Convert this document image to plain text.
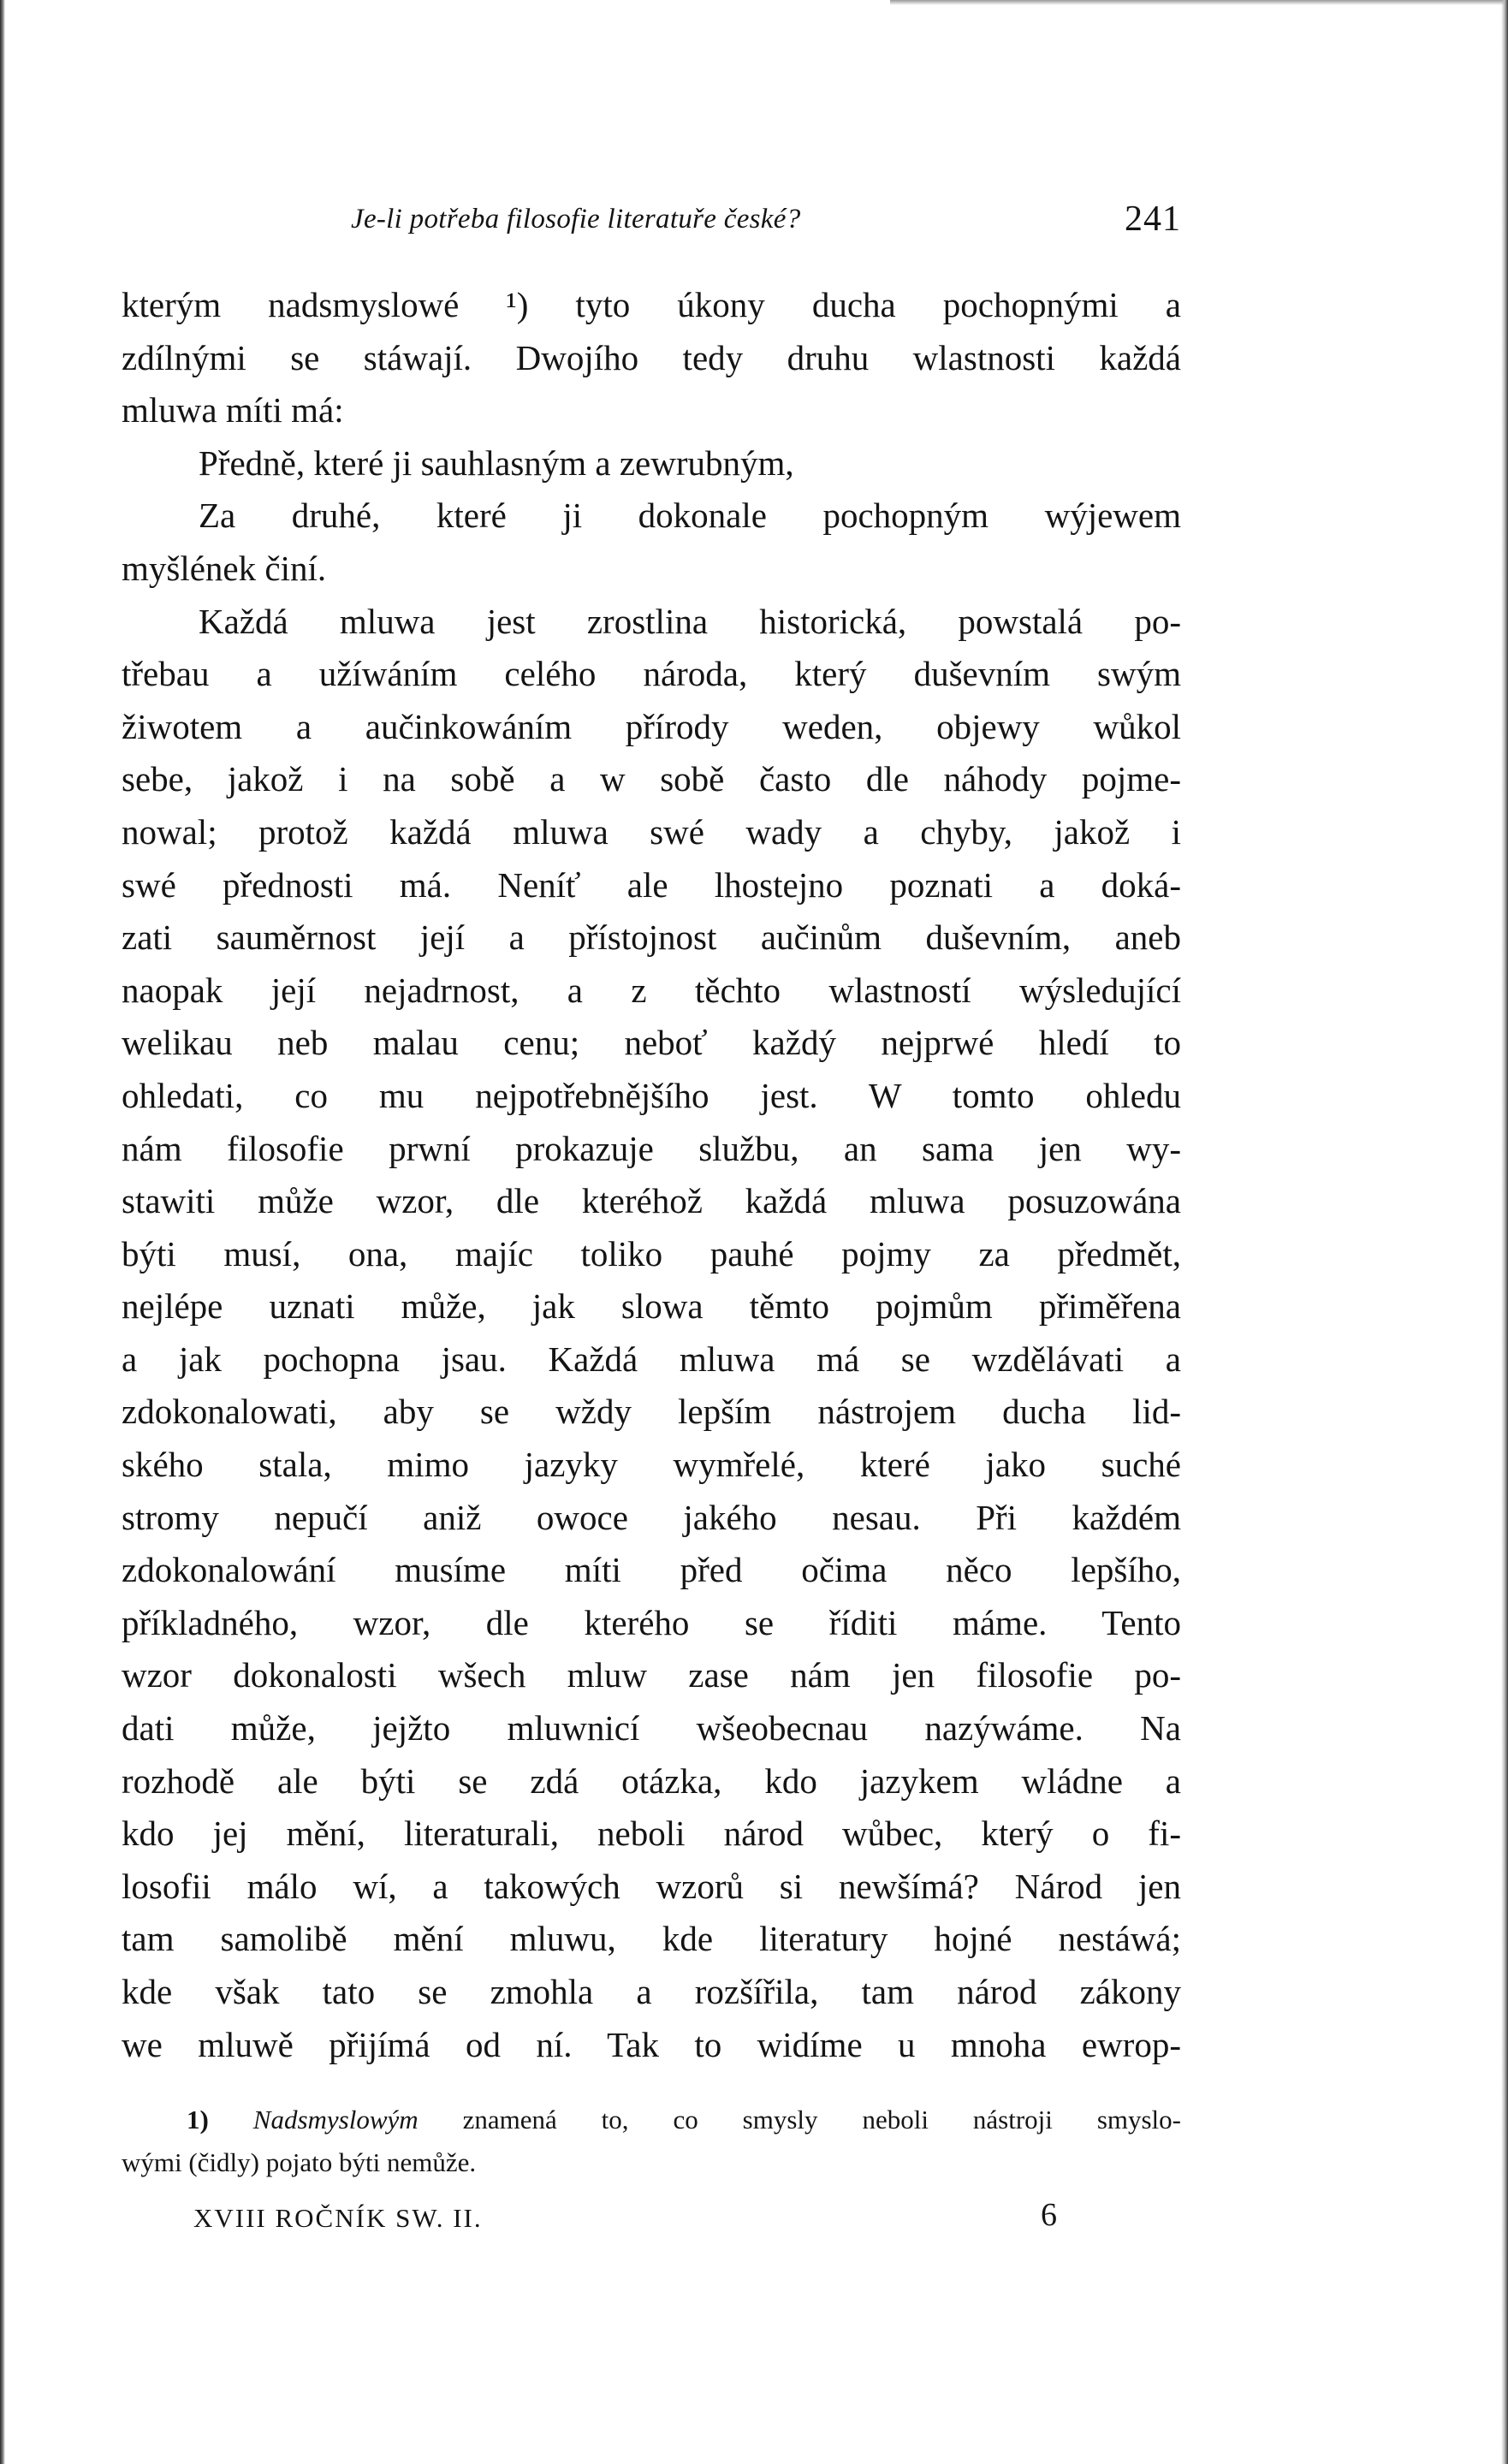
Je-li potřeba filosofie literatuře české?	241
kterým nadsmyslowé ¹) tyto úkony ducha pochopnými a
zdílnými se stáwají. Dwojího tedy druhu wlastnosti každá
mluwa míti má:
Předně, které ji sauhlasným a zewrubným,
Za druhé, které ji dokonale pochopným wýjewem
myšlének činí.
Každá mluwa jest zrostlina historická, powstalá po-
třebau a užíwáním celého národa, který duševním swým
žiwotem a aučinkowáním přírody weden, objewy wůkol
sebe, jakož i na sobě a w sobě často dle náhody pojme-
nowal; protož každá mluwa swé wady a chyby, jakož i
swé přednosti má. Neníť ale lhostejno poznati a doká-
zati sauměrnost její a přístojnost aučinům duševním, aneb
naopak její nejadrnost, a z těchto wlastností wýsledující
welikau neb malau cenu; neboť každý nejprwé hledí to
ohledati, co mu nejpotřebnějšího jest. W tomto ohledu
nám filosofie prwní prokazuje službu, an sama jen wy-
stawiti může wzor, dle kteréhož každá mluwa posuzowána
býti musí, ona, majíc toliko pauhé pojmy za předmět,
nejlépe uznati může, jak slowa těmto pojmům přiměřena
a jak pochopna jsau. Každá mluwa má se wzdělávati a
zdokonalowati, aby se wždy lepším nástrojem ducha lid-
ského stala, mimo jazyky wymřelé, které jako suché
stromy nepučí aniž owoce jakého nesau. Při každém
zdokonalowání musíme míti před očima něco lepšího,
příkladného, wzor, dle kterého se říditi máme. Tento
wzor dokonalosti wšech mluw zase nám jen filosofie po-
dati může, jejžto mluwnicí wšeobecnau nazýwáme. Na
rozhodě ale býti se zdá otázka, kdo jazykem wládne a
kdo jej mění, literaturali, neboli národ wůbec, který o fi-
losofii málo wí, a takowých wzorů si newšímá? Národ jen
tam samolibě mění mluwu, kde literatury hojné nestáwá;
kde však tato se zmohla a rozšířila, tam národ zákony
we mluwě přijímá od ní. Tak to widíme u mnoha ewrop-
1) Nadsmyslowým znamená to, co smysly neboli nástroji smyslo-
wými (čidly) pojato býti nemůže.
XVIII ROČNÍK SW. II.	6
